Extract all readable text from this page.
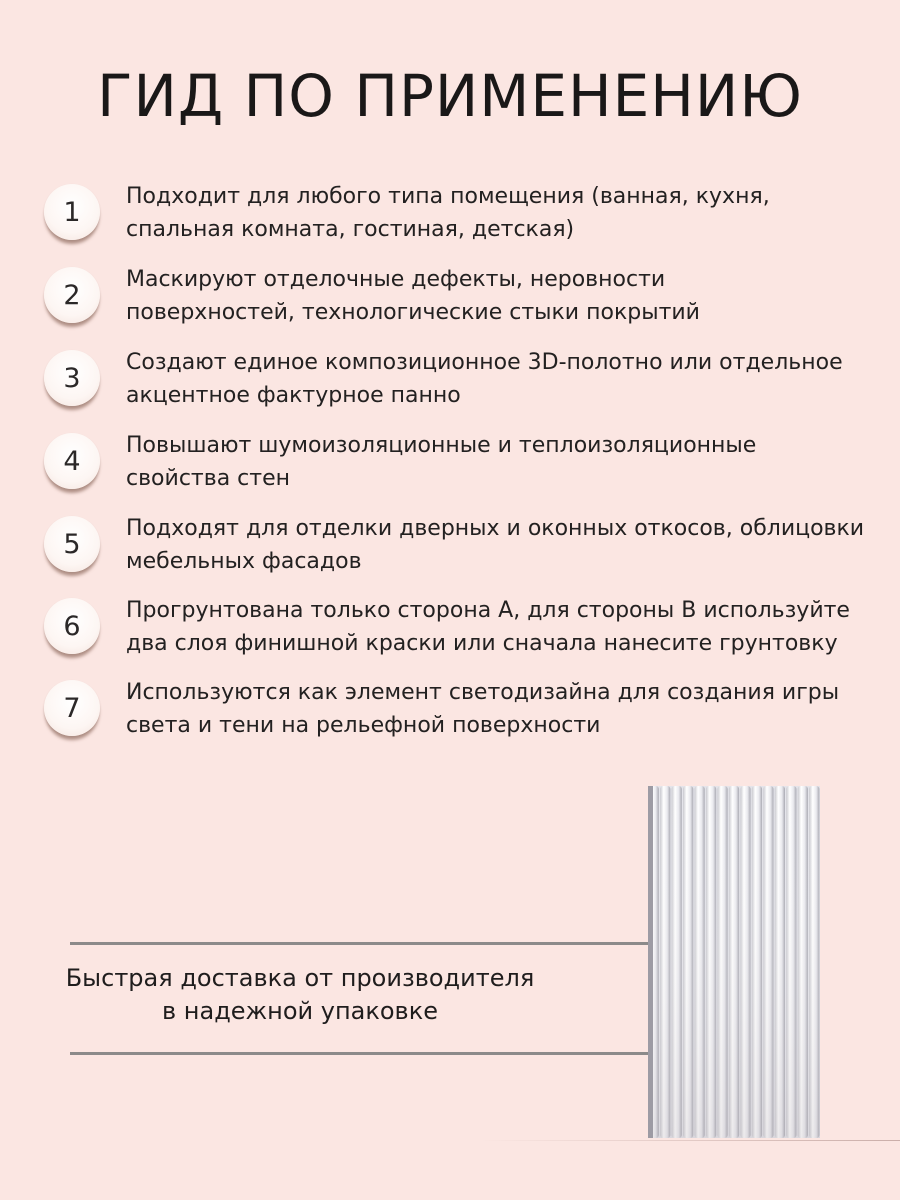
ГИД ПО ПРИМЕНЕНИЮ
1	Подходит для любого типа помещения (ванная, кухня,
спальная комната, гостиная, детская)
2	Маскируют отделочные дефекты, неровности
поверхностей, технологические стыки покрытий
3	Создают единое композиционное 3D-полотно или отдельное
акцентное фактурное панно
4	Повышают шумоизоляционные и теплоизоляционные
свойства стен
5	Подходят для отделки дверных и оконных откосов, облицовки
мебельных фасадов
6	Прогрунтована только сторона А, для стороны В используйте
два слоя финишной краски или сначала нанесите грунтовку
7	Используются как элемент светодизайна для создания игры
света и тени на рельефной поверхности
Быстрая доставка от производителя
в надежной упаковке
